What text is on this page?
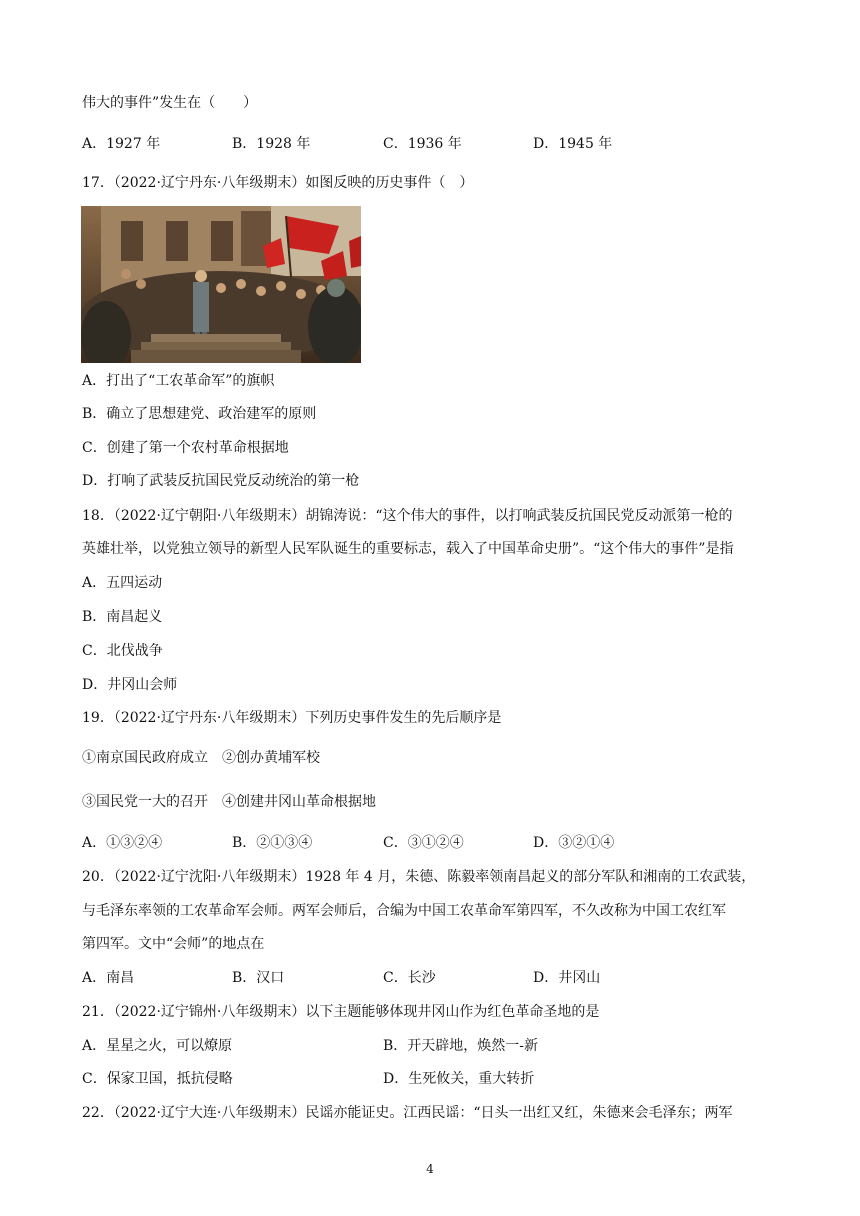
伟大的事件”发生在（　　）
A．1927 年	B．1928 年	C．1936 年	D．1945 年
17．（2022·辽宁丹东·八年级期末）如图反映的历史事件（　）
A．打出了“工农革命军”的旗帜
B．确立了思想建党、政治建军的原则
C．创建了第一个农村革命根据地
D．打响了武装反抗国民党反动统治的第一枪
18．（2022·辽宁朝阳·八年级期末）胡锦涛说：“这个伟大的事件，以打响武装反抗国民党反动派第一枪的
英雄壮举，以党独立领导的新型人民军队诞生的重要标志，载入了中国革命史册”。“这个伟大的事件”是指
A．五四运动
B．南昌起义
C．北伐战争
D．井冈山会师
19．（2022·辽宁丹东·八年级期末）下列历史事件发生的先后顺序是
①南京国民政府成立　②创办黄埔军校
③国民党一大的召开　④创建井冈山革命根据地
A．①③②④	B．②①③④	C．③①②④	D．③②①④
20．（2022·辽宁沈阳·八年级期末）1928 年 4 月，朱德、陈毅率领南昌起义的部分军队和湘南的工农武装，
与毛泽东率领的工农革命军会师。两军会师后，合编为中国工农革命军第四军，不久改称为中国工农红军
第四军。文中“会师”的地点在
A．南昌	B．汉口	C．长沙	D．井冈山
21．（2022·辽宁锦州·八年级期末）以下主题能够体现井冈山作为红色革命圣地的是
A．星星之火，可以燎原	B．开天辟地，焕然一-新
C．保家卫国，抵抗侵略	D．生死攸关，重大转折
22．（2022·辽宁大连·八年级期末）民谣亦能证史。江西民谣：“日头一出红又红，朱德来会毛泽东；两军
4
